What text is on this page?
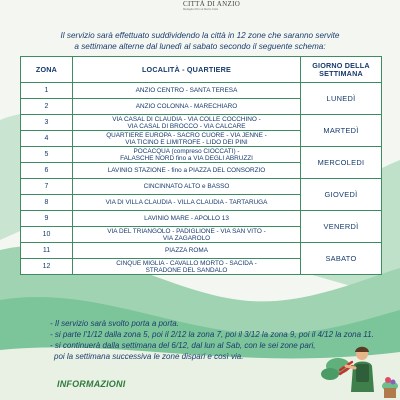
CITTÀ DI ANZIO
Medaglia d'Oro al Merito Civile
Il servizio sarà effettuato suddividendo la città in 12 zone che saranno servite
a settimane alterne dal lunedì al sabato secondo il seguente schema:
ZONA	LOCALITÀ - QUARTIERE	GIORNO DELLA
SETTIMANA

1	ANZIO CENTRO - SANTA TERESA	LUNEDÌ
2	ANZIO COLONNA - MARECHIARO	

3	VIA CASAL DI CLAUDIA - VIA COLLE COCCHINO -
VIA CASAL DI BROCCO - VIA CALCARE	MARTEDÌ
4	QUARTIERE EUROPA - SACRO CUORE - VIA JENNE -
VIA TICINO E LIMITROFE - LIDO DEI PINI	

5	POCACQUA (compreso CIOCCATI) -
FALASCHE NORD fino a VIA DEGLI ABRUZZI	MERCOLEDI
6	LAVINIO STAZIONE - fino a PIAZZA DEL CONSORZIO	

7	CINCINNATO ALTO e BASSO	GIOVEDÌ
8	VIA DI VILLA CLAUDIA - VILLA CLAUDIA - TARTARUGA	

9	LAVINIO MARE - APOLLO 13	VENERDÌ
10	VIA DEL TRIANGOLO - PADIGLIONE - VIA SAN VITO -
VIA ZAGAROLO	

11	PIAZZA ROMA	SABATO
12	CINQUE MIGLIA - CAVALLO MORTO - SACIDA -
STRADONE DEL SANDALO	

- Il servizio sarà svolto porta a porta.

- si parte l'1/12 dalla zona 5, poi il 2/12 la zona 7, poi il 3/12 la zona 9, poi il 4/12 la zona 11.

- si continuerà dalla settimana del 6/12, dal lun al Sab, con le sei zone pari,

poi la settimana successiva le zone dispari e così via.

INFORMAZIONI
